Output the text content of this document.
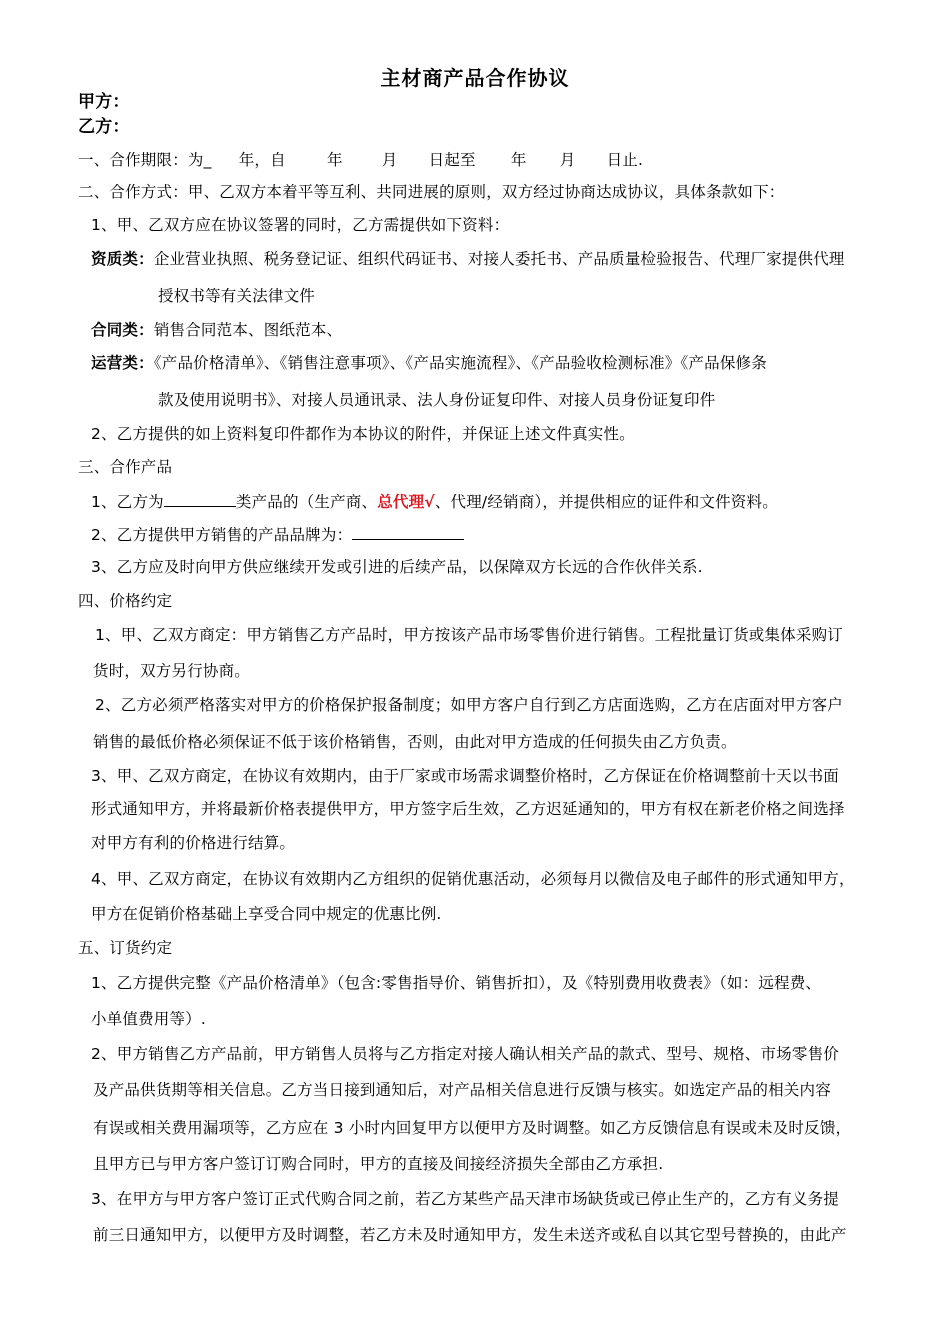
主材商产品合作协议
甲方：
乙方：
一、合作期限：为_ 年，自	年	月 日起至 年 月 日止.
二、合作方式：甲、乙双方本着平等互利、共同进展的原则，双方经过协商达成协议，具体条款如下：
1、甲、乙双方应在协议签署的同时，乙方需提供如下资料：
资质类：企业营业执照、税务登记证、组织代码证书、对接人委托书、产品质量检验报告、代理厂家提供代理
授权书等有关法律文件
合同类：销售合同范本、图纸范本、
运营类：《产品价格清单》、《销售注意事项》、《产品实施流程》、《产品验收检测标准》《产品保修条
款及使用说明书》、对接人员通讯录、法人身份证复印件、对接人员身份证复印件
2、乙方提供的如上资料复印件都作为本协议的附件，并保证上述文件真实性。
三、合作产品
1、乙方为	类产品的（生产商、总代理√、代理/经销商），并提供相应的证件和文件资料。
2、乙方提供甲方销售的产品品牌为：
3、乙方应及时向甲方供应继续开发或引进的后续产品，以保障双方长远的合作伙伴关系.
四、价格约定
1、甲、乙双方商定：甲方销售乙方产品时，甲方按该产品市场零售价进行销售。工程批量订货或集体采购订
货时，双方另行协商。
2、乙方必须严格落实对甲方的价格保护报备制度；如甲方客户自行到乙方店面选购，乙方在店面对甲方客户
销售的最低价格必须保证不低于该价格销售，否则，由此对甲方造成的任何损失由乙方负责。
3、甲、乙双方商定，在协议有效期内，由于厂家或市场需求调整价格时，乙方保证在价格调整前十天以书面
形式通知甲方，并将最新价格表提供甲方，甲方签字后生效，乙方迟延通知的，甲方有权在新老价格之间选择
对甲方有利的价格进行结算。
4、甲、乙双方商定，在协议有效期内乙方组织的促销优惠活动，必须每月以微信及电子邮件的形式通知甲方，
甲方在促销价格基础上享受合同中规定的优惠比例.
五、订货约定
1、乙方提供完整《产品价格清单》（包含:零售指导价、销售折扣），及《特别费用收费表》（如：远程费、
小单值费用等）.
2、甲方销售乙方产品前，甲方销售人员将与乙方指定对接人确认相关产品的款式、型号、规格、市场零售价
及产品供货期等相关信息。乙方当日接到通知后，对产品相关信息进行反馈与核实。如选定产品的相关内容
有误或相关费用漏项等，乙方应在 3 小时内回复甲方以便甲方及时调整。如乙方反馈信息有误或未及时反馈，
且甲方已与甲方客户签订订购合同时，甲方的直接及间接经济损失全部由乙方承担.
3、在甲方与甲方客户签订正式代购合同之前，若乙方某些产品天津市场缺货或已停止生产的，乙方有义务提
前三日通知甲方，以便甲方及时调整，若乙方未及时通知甲方，发生未送齐或私自以其它型号替换的，由此产
